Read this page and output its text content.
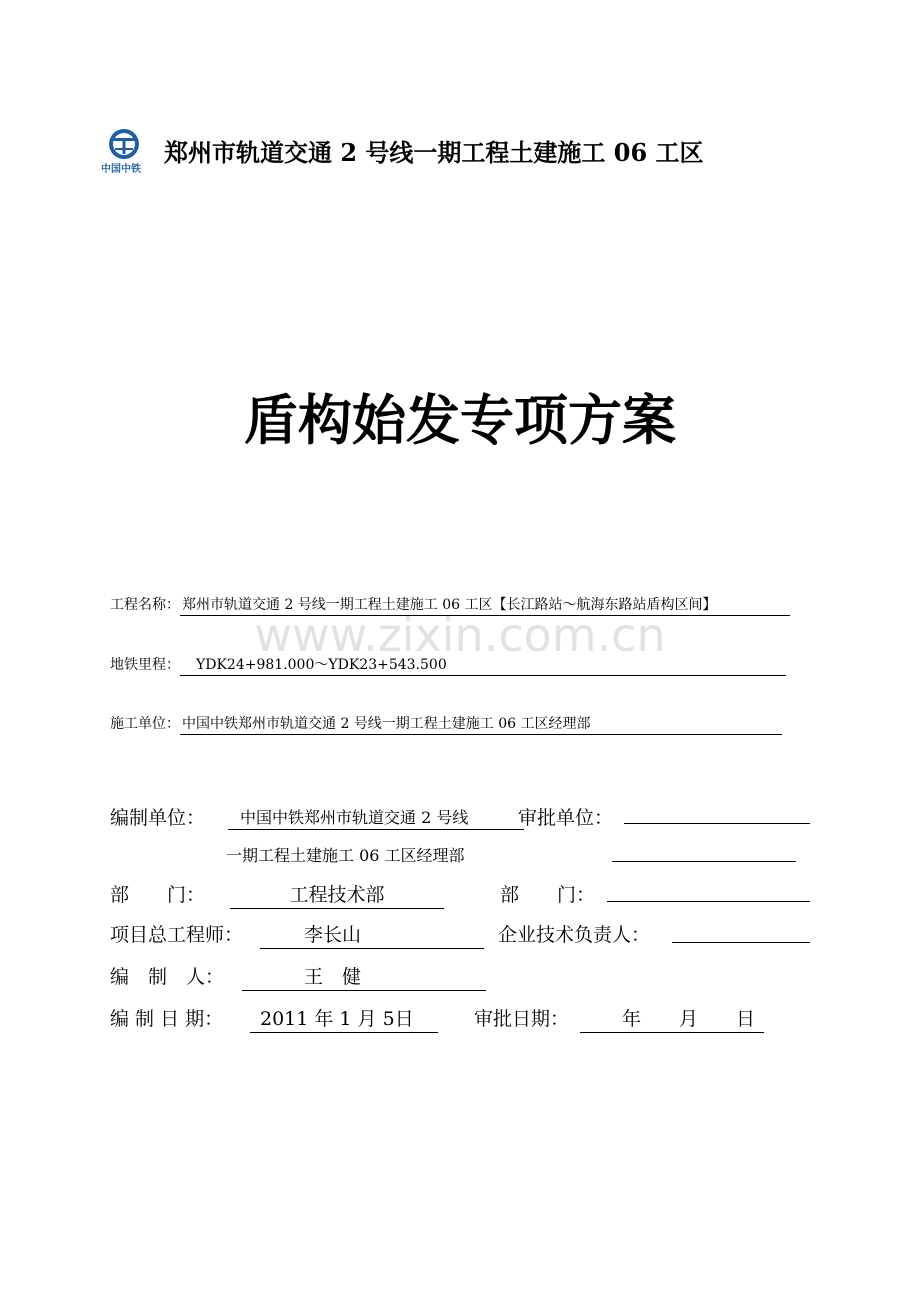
中国中铁
郑州市轨道交通 2 号线一期工程土建施工 06 工区
盾构始发专项方案
www.zixin.com.cn
工程名称： 郑州市轨道交通 2 号线一期工程土建施工 06 工区【长江路站～航海东路站盾构区间】
地铁里程： YDK24+981.000～YDK23+543.500
施工单位： 中国中铁郑州市轨道交通 2 号线一期工程土建施工 06 工区经理部
编制单位：	中国中铁郑州市轨道交通 2 号线	审批单位：
一期工程土建施工 06 工区经理部
部　　门：	工程技术部	部　　门：
项目总工程师：	李长山	企业技术负责人：
编　制　人：	王　健
编 制 日 期：	2011 年 1 月 5日	审批日期：	年　　月　　日
